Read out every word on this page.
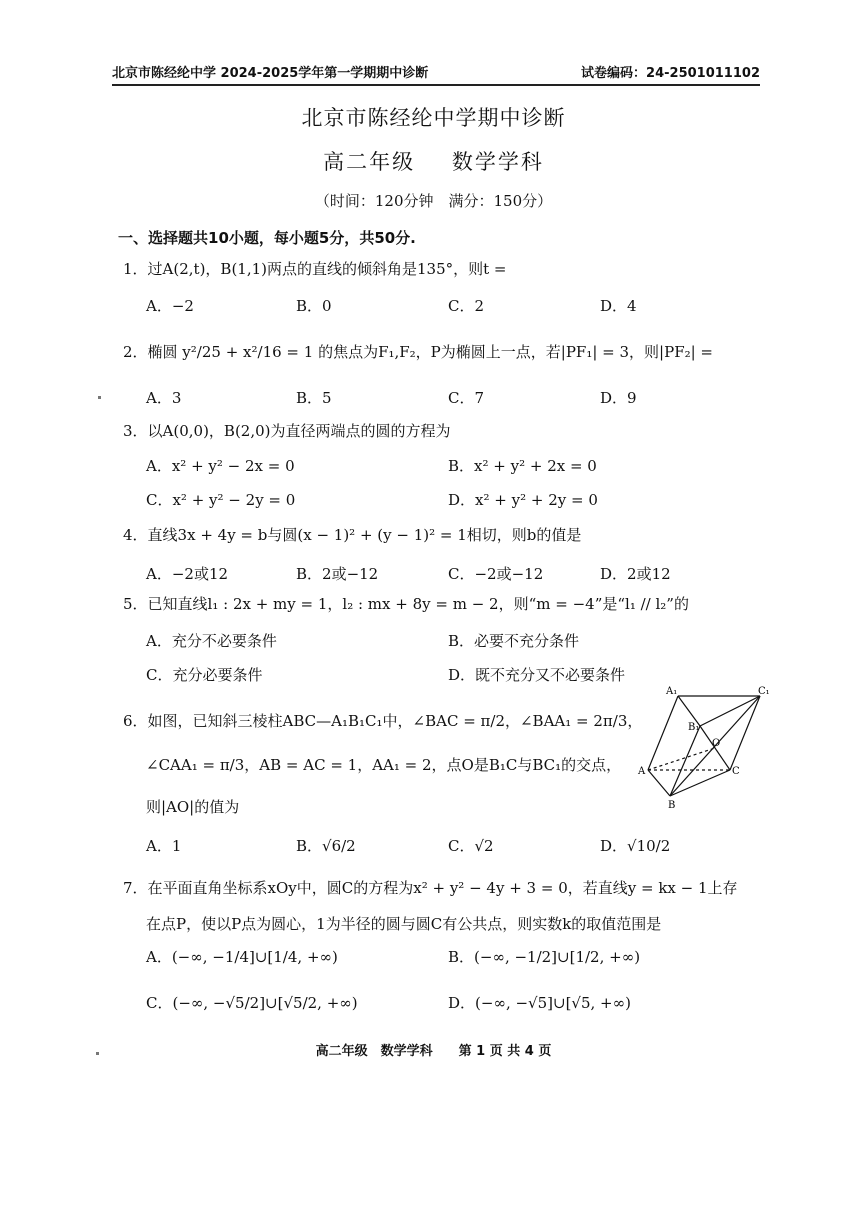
北京市陈经纶中学 2024-2025学年第一学期期中诊断	试卷编码：24-2501011102
北京市陈经纶中学期中诊断
高二年级 数学学科
（时间：120分钟　满分：150分）
一、选择题共10小题，每小题5分，共50分.
1．过A(2,t)，B(1,1)两点的直线的倾斜角是135°，则t =
A．−2	B．0	C．2	D．4
2．椭圆 y²/25 + x²/16 = 1 的焦点为F₁,F₂，P为椭圆上一点，若|PF₁| = 3，则|PF₂| =
A．3	B．5	C．7	D．9
3．以A(0,0)，B(2,0)为直径两端点的圆的方程为
A．x² + y² − 2x = 0	B．x² + y² + 2x = 0
C．x² + y² − 2y = 0	D．x² + y² + 2y = 0
4．直线3x + 4y = b与圆(x − 1)² + (y − 1)² = 1相切，则b的值是
A．−2或12	B．2或−12	C．−2或−12	D．2或12
5．已知直线l₁ : 2x + my = 1，l₂ : mx + 8y = m − 2，则“m = −4”是“l₁ // l₂”的
A．充分不必要条件	B．必要不充分条件
C．充分必要条件	D．既不充分又不必要条件
6．如图，已知斜三棱柱ABC—A₁B₁C₁中，∠BAC = π/2，∠BAA₁ = 2π/3，
∠CAA₁ = π/3，AB = AC = 1，AA₁ = 2，点O是B₁C与BC₁的交点，
则|AO|的值为
A．1	B．√6/2	C．√2	D．√10/2
A₁	C₁
B₁
O
A	C
B
7．在平面直角坐标系xOy中，圆C的方程为x² + y² − 4y + 3 = 0，若直线y = kx − 1上存
在点P，使以P点为圆心，1为半径的圆与圆C有公共点，则实数k的取值范围是
A．(−∞, −1/4]∪[1/4, +∞)	B．(−∞, −1/2]∪[1/2, +∞)
C．(−∞, −√5/2]∪[√5/2, +∞)	D．(−∞, −√5]∪[√5, +∞)
高二年级　数学学科　　第 1 页 共 4 页
